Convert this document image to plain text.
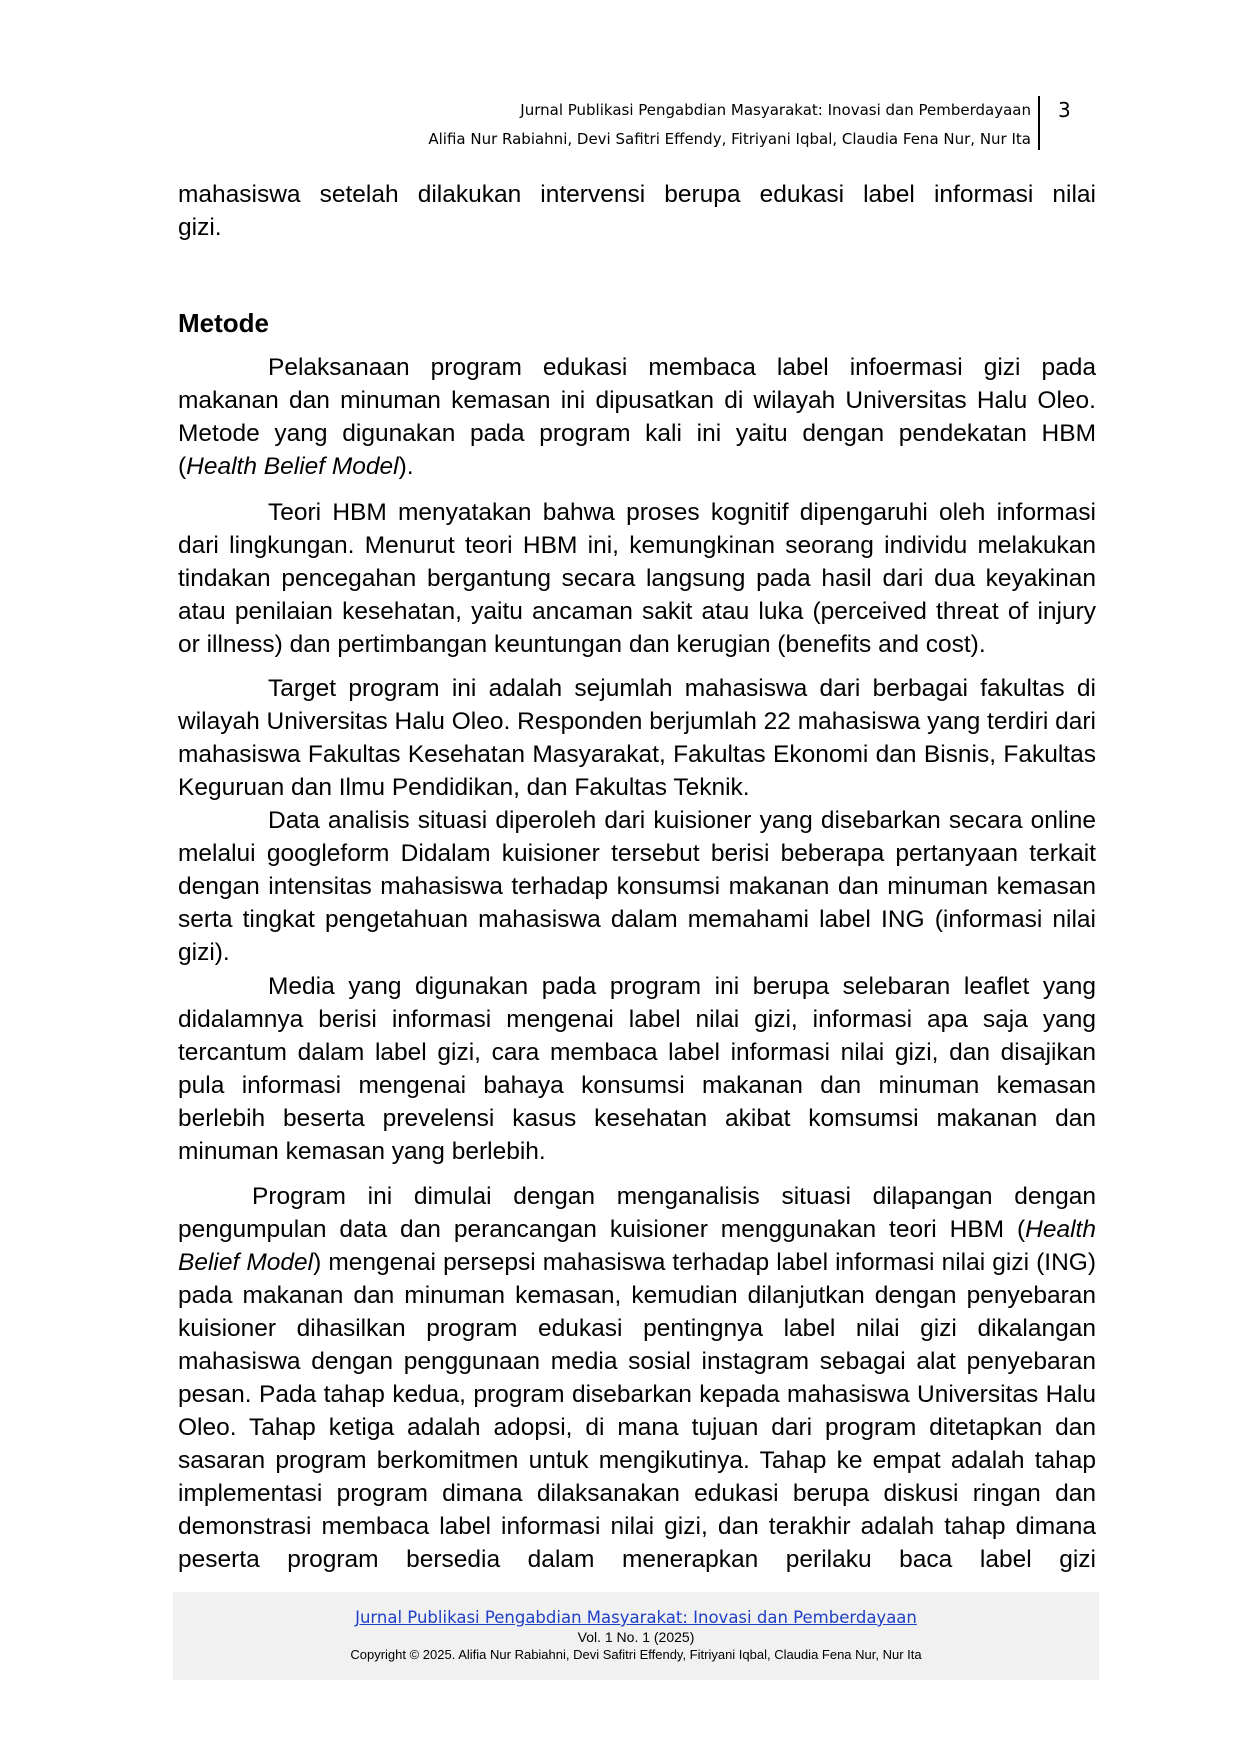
Jurnal Publikasi Pengabdian Masyarakat: Inovasi dan Pemberdayaan
Alifia Nur Rabiahni, Devi Safitri Effendy, Fitriyani Iqbal, Claudia Fena Nur, Nur Ita
3

mahasiswa setelah dilakukan intervensi berupa edukasi label informasi nilai

gizi.

Metode

Pelaksanaan program edukasi membaca label infoermasi gizi pada makanan dan minuman kemasan ini dipusatkan di wilayah Universitas Halu Oleo. Metode yang digunakan pada program kali ini yaitu dengan pendekatan HBM (Health Belief Model).

Teori HBM menyatakan bahwa proses kognitif dipengaruhi oleh informasi dari lingkungan. Menurut teori HBM ini, kemungkinan seorang individu melakukan tindakan pencegahan bergantung secara langsung pada hasil dari dua keyakinan atau penilaian kesehatan, yaitu ancaman sakit atau luka (perceived threat of injury or illness) dan pertimbangan keuntungan dan kerugian (benefits and cost).

Target program ini adalah sejumlah mahasiswa dari berbagai fakultas di wilayah Universitas Halu Oleo. Responden berjumlah 22 mahasiswa yang terdiri dari mahasiswa Fakultas Kesehatan Masyarakat, Fakultas Ekonomi dan Bisnis, Fakultas Keguruan dan Ilmu Pendidikan, dan Fakultas Teknik.

Data analisis situasi diperoleh dari kuisioner yang disebarkan secara online melalui googleform Didalam kuisioner tersebut berisi beberapa pertanyaan terkait dengan intensitas mahasiswa terhadap konsumsi makanan dan minuman kemasan serta tingkat pengetahuan mahasiswa dalam memahami label ING (informasi nilai gizi).

Media yang digunakan pada program ini berupa selebaran leaflet yang didalamnya berisi informasi mengenai label nilai gizi, informasi apa saja yang tercantum dalam label gizi, cara membaca label informasi nilai gizi, dan disajikan pula informasi mengenai bahaya konsumsi makanan dan minuman kemasan berlebih beserta prevelensi kasus kesehatan akibat komsumsi makanan dan minuman kemasan yang berlebih.

Program ini dimulai dengan menganalisis situasi dilapangan dengan pengumpulan data dan perancangan kuisioner menggunakan teori HBM (Health Belief Model) mengenai persepsi mahasiswa terhadap label informasi nilai gizi (ING) pada makanan dan minuman kemasan, kemudian dilanjutkan dengan penyebaran kuisioner dihasilkan program edukasi pentingnya label nilai gizi dikalangan mahasiswa dengan penggunaan media sosial instagram sebagai alat penyebaran pesan. Pada tahap kedua, program disebarkan kepada mahasiswa Universitas Halu Oleo. Tahap ketiga adalah adopsi, di mana tujuan dari program ditetapkan dan sasaran program berkomitmen untuk mengikutinya. Tahap ke empat adalah tahap implementasi program dimana dilaksanakan edukasi berupa diskusi ringan dan demonstrasi membaca label informasi nilai gizi, dan terakhir adalah tahap dimana peserta program bersedia dalam menerapkan perilaku baca label gizi

Jurnal Publikasi Pengabdian Masyarakat: Inovasi dan Pemberdayaan
Vol. 1 No. 1 (2025)
Copyright © 2025. Alifia Nur Rabiahni, Devi Safitri Effendy, Fitriyani Iqbal, Claudia Fena Nur, Nur Ita
